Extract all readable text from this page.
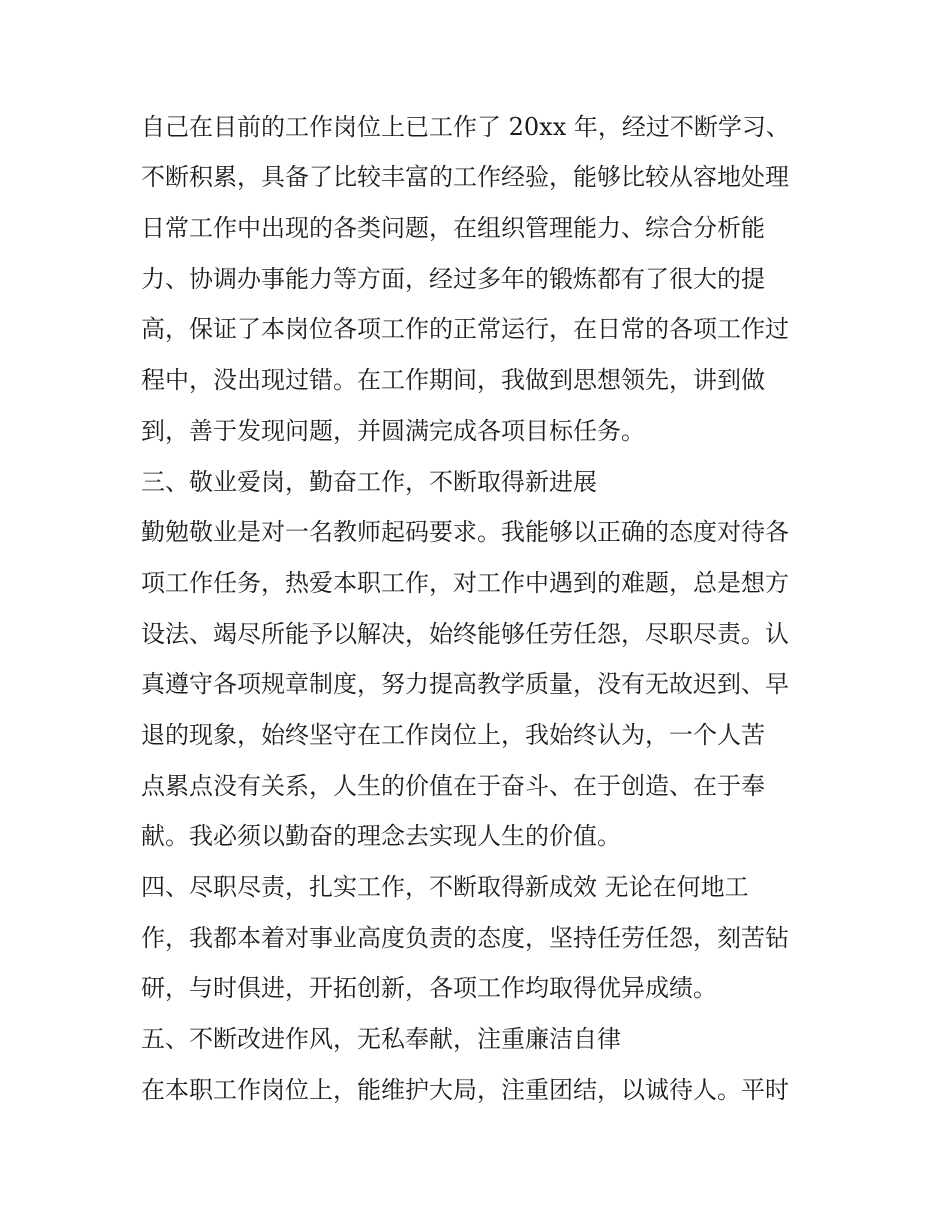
自己在目前的工作岗位上已工作了 20xx 年，经过不断学习、
不断积累，具备了比较丰富的工作经验，能够比较从容地处理
日常工作中出现的各类问题，在组织管理能力、综合分析能
力、协调办事能力等方面，经过多年的锻炼都有了很大的提
高，保证了本岗位各项工作的正常运行，在日常的各项工作过
程中，没出现过错。在工作期间，我做到思想领先，讲到做
到，善于发现问题，并圆满完成各项目标任务。
三、敬业爱岗，勤奋工作，不断取得新进展
勤勉敬业是对一名教师起码要求。我能够以正确的态度对待各
项工作任务，热爱本职工作，对工作中遇到的难题，总是想方
设法、竭尽所能予以解决，始终能够任劳任怨，尽职尽责。认
真遵守各项规章制度，努力提高教学质量，没有无故迟到、早
退的现象，始终坚守在工作岗位上，我始终认为，一个人苦
点累点没有关系，人生的价值在于奋斗、在于创造、在于奉
献。我必须以勤奋的理念去实现人生的价值。
四、尽职尽责，扎实工作，不断取得新成效 无论在何地工
作，我都本着对事业高度负责的态度，坚持任劳任怨，刻苦钻
研，与时俱进，开拓创新，各项工作均取得优异成绩。
五、不断改进作风，无私奉献，注重廉洁自律
在本职工作岗位上，能维护大局，注重团结，以诚待人。平时
